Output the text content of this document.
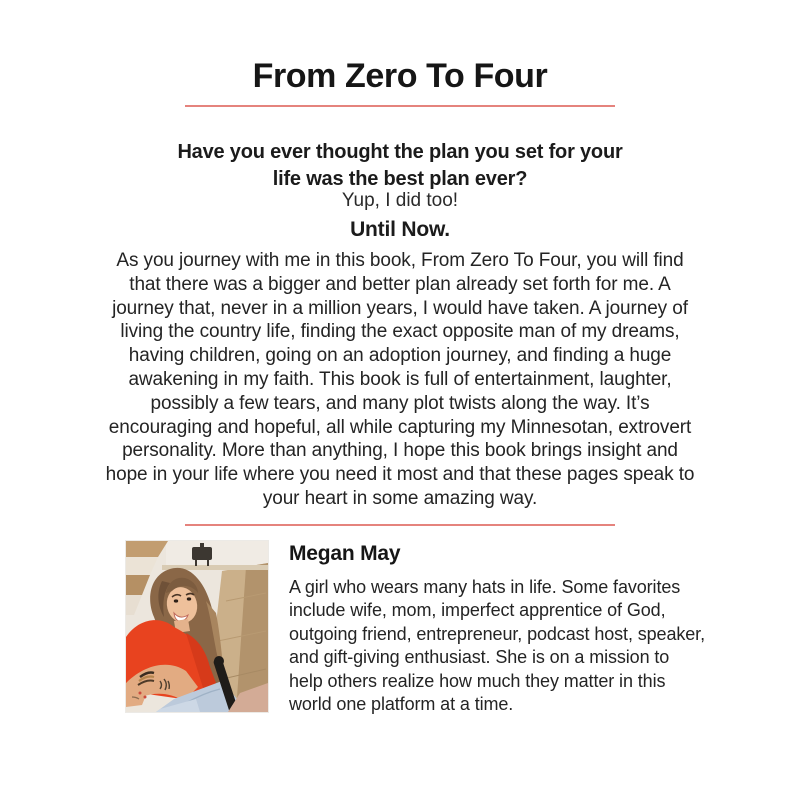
From Zero To Four

Have you ever thought the plan you set for your life was the best plan ever?

Yup, I did too!

Until Now.

As you journey with me in this book, From Zero To Four, you will find that there was a bigger and better plan already set forth for me. A journey that, never in a million years, I would have taken. A journey of living the country life, finding the exact opposite man of my dreams, having children, going on an adoption journey, and finding a huge awakening in my faith. This book is full of entertainment, laughter, possibly a few tears, and many plot twists along the way. It’s encouraging and hopeful, all while capturing my Minnesotan, extrovert personality. More than anything, I hope this book brings insight and hope in your life where you need it most and that these pages speak to your heart in some amazing way.

Megan May

A girl who wears many hats in life. Some favorites include wife, mom, imperfect apprentice of God, outgoing friend, entrepreneur, podcast host, speaker, and gift-giving enthusiast. She is on a mission to help others realize how much they matter in this world one platform at a time.
